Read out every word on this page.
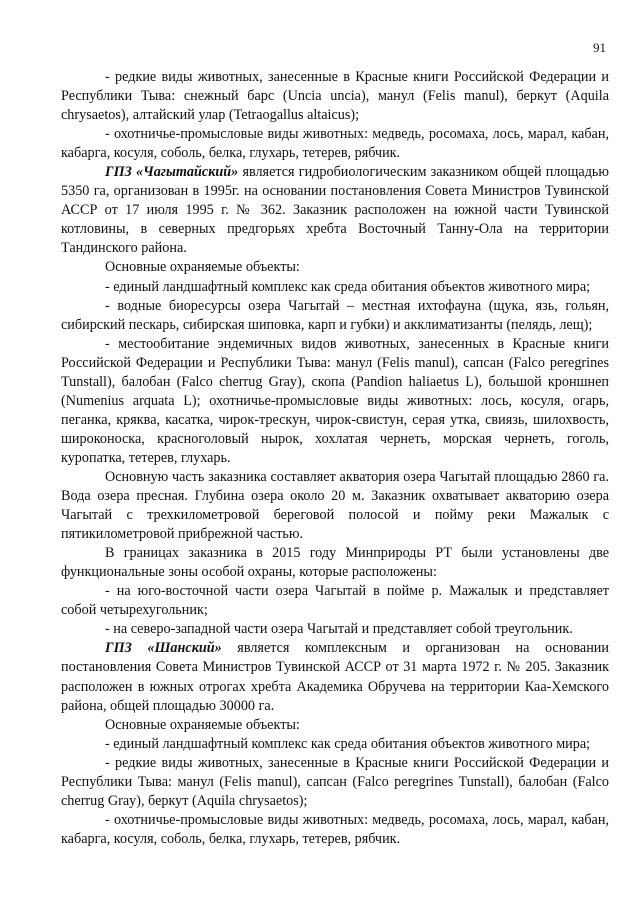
91

- редкие виды животных, занесенные в Красные книги Российской Федерации и Республики Тыва: снежный барс (Uncia uncia), манул (Felis manul), беркут (Aquila chrysaetos), алтайский улар (Tetraogallus altaicus);

- охотничье-промысловые виды животных: медведь, росомаха, лось, марал, кабан, кабарга, косуля, соболь, белка, глухарь, тетерев, рябчик.

ГПЗ «Чагытайский» является гидробиологическим заказником общей площадью 5350 га, организован в 1995г. на основании постановления Совета Министров Тувинской АССР от 17 июля 1995 г. № 362. Заказник расположен на южной части Тувинской котловины, в северных предгорьях хребта Восточный Танну-Ола на территории Тандинского района.

Основные охраняемые объекты:

- единый ландшафтный комплекс как среда обитания объектов животного мира;

- водные биоресурсы озера Чагытай – местная ихтофауна (щука, язь, гольян, сибирский пескарь, сибирская шиповка, карп и губки) и акклиматизанты (пелядь, лещ);

- местообитание эндемичных видов животных, занесенных в Красные книги Российской Федерации и Республики Тыва: манул (Felis manul), сапсан (Falco peregrines Tunstall), балобан (Falco cherrug Gray), скопа (Pandion haliaetus L), большой кроншнеп (Numenius arquata L); охотничье-промысловые виды животных: лось, косуля, огарь, пеганка, кряква, касатка, чирок-трескун, чирок-свистун, серая утка, свиязь, шилохвость, широконоска, красноголовый нырок, хохлатая чернеть, морская чернеть, гоголь, куропатка, тетерев, глухарь.

Основную часть заказника составляет акватория озера Чагытай площадью 2860 га. Вода озера пресная. Глубина озера около 20 м. Заказник охватывает акваторию озера Чагытай с трехкилометровой береговой полосой и пойму реки Мажалык с пятикилометровой прибрежной частью.

В границах заказника в 2015 году Минприроды РТ были установлены две функциональные зоны особой охраны, которые расположены:

- на юго-восточной части озера Чагытай в пойме р. Мажалык и представляет собой четырехугольник;

- на северо-западной части озера Чагытай и представляет собой треугольник.

ГПЗ «Шанский» является комплексным и организован на основании постановления Совета Министров Тувинской АССР от 31 марта 1972 г. № 205. Заказник расположен в южных отрогах хребта Академика Обручева на территории Каа-Хемского района, общей площадью 30000 га.

Основные охраняемые объекты:

- единый ландшафтный комплекс как среда обитания объектов животного мира;

- редкие виды животных, занесенные в Красные книги Российской Федерации и Республики Тыва: манул (Felis manul), сапсан (Falco peregrines Tunstall), балобан (Falco cherrug Gray), беркут (Aquila chrysaetos);

- охотничье-промысловые виды животных: медведь, росомаха, лось, марал, кабан, кабарга, косуля, соболь, белка, глухарь, тетерев, рябчик.
